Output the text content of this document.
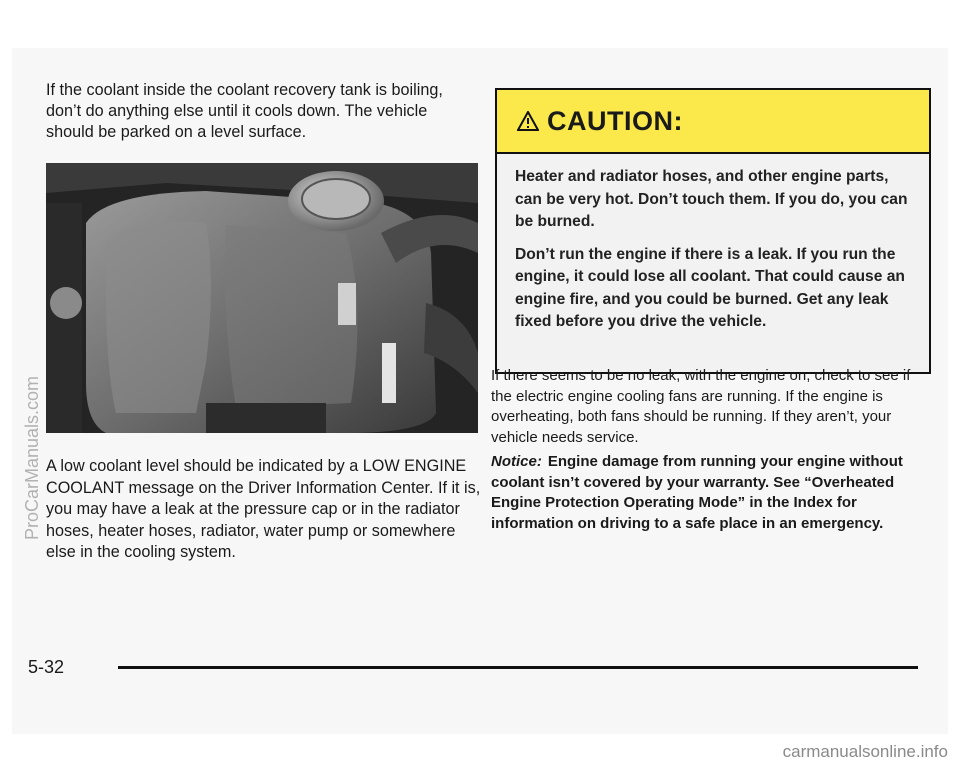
If the coolant inside the coolant recovery tank is boiling, don’t do anything else until it cools down. The vehicle should be parked on a level surface.

A low coolant level should be indicated by a LOW ENGINE COOLANT message on the Driver Information Center. If it is, you may have a leak at the pressure cap or in the radiator hoses, heater hoses, radiator, water pump or somewhere else in the cooling system.

CAUTION:

Heater and radiator hoses, and other engine parts, can be very hot. Don’t touch them. If you do, you can be burned.

Don’t run the engine if there is a leak. If you run the engine, it could lose all coolant. That could cause an engine fire, and you could be burned. Get any leak fixed before you drive the vehicle.

If there seems to be no leak, with the engine on, check to see if the electric engine cooling fans are running. If the engine is overheating, both fans should be running. If they aren’t, your vehicle needs service.

Notice: Engine damage from running your engine without coolant isn’t covered by your warranty. See “Overheated Engine Protection Operating Mode” in the Index for information on driving to a safe place in an emergency.

5-32
ProCarManuals.com
carmanualsonline.info
